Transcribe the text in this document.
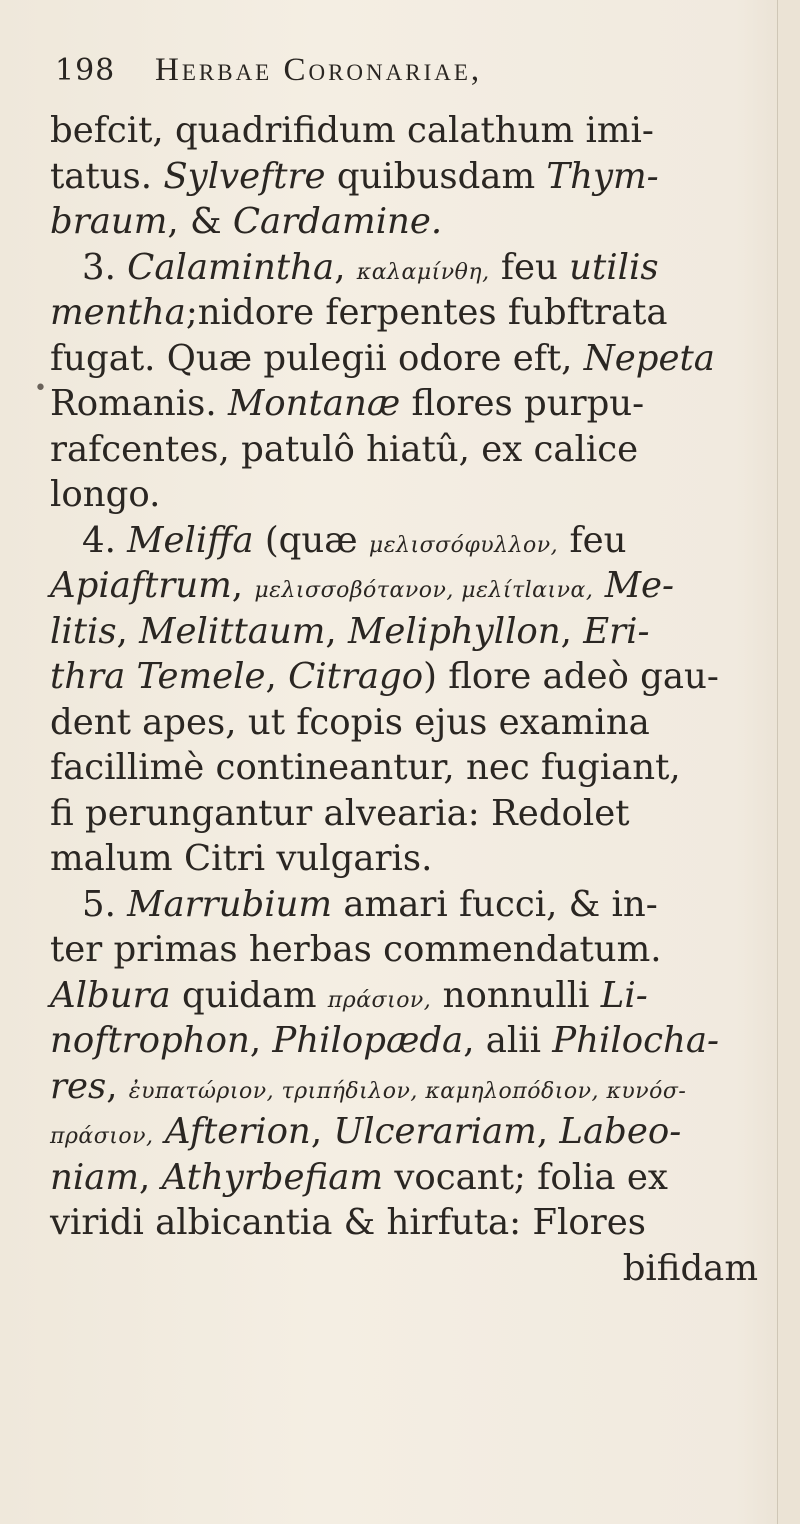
198	Herbae Coronariae,
•
befcit, quadrifidum calathum imi-
tatus. Sylveftre quibusdam Thym-
braum, & Cardamine.
3. Calamintha, καλαμίνθη, feu utilis
mentha;nidore ferpentes fubftrata
fugat. Quæ pulegii odore eft, Nepeta
Romanis. Montanæ flores purpu-
rafcentes, patulô hiatû, ex calice
longo.
4. Meliffa (quæ μελισσόφυλλον, feu
Apiaftrum, μελισσοβότανον, μελίτlαινα, Me-
litis, Melittaum, Meliphyllon, Eri-
thra Temele, Citrago) flore adeò gau-
dent apes, ut fcopis ejus examina
facillimè contineantur, nec fugiant,
fi perungantur alvearia: Redolet
malum Citri vulgaris.
5. Marrubium amari fucci, & in-
ter primas herbas commendatum.
Albura quidam πράσιον, nonnulli Li-
noftrophon, Philopæda, alii Philocha-
res, ἐυπατώριον, τριπήδιλον, καμηλοπόδιον, κυνόσ-
πράσιον, Afterion, Ulcerariam, Labeo-
niam, Athyrbefiam vocant; folia ex
viridi albicantia & hirfuta: Flores
bifidam
